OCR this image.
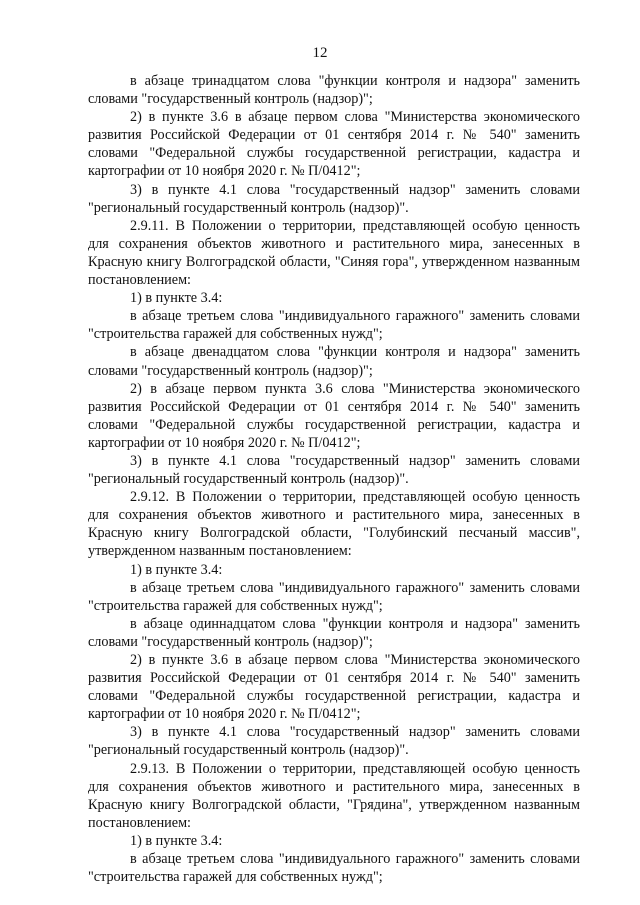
12

в абзаце тринадцатом слова "функции контроля и надзора" заменить словами "государственный контроль (надзор)";

2) в пункте 3.6 в абзаце первом слова "Министерства экономического развития Российской Федерации от 01 сентября 2014 г. № 540" заменить словами "Федеральной службы государственной регистрации, кадастра и картографии от 10 ноября 2020 г. № П/0412";

3) в пункте 4.1 слова "государственный надзор" заменить словами "региональный государственный контроль (надзор)".

2.9.11. В Положении о территории, представляющей особую ценность для сохранения объектов животного и растительного мира, занесенных в Красную книгу Волгоградской области, "Синяя гора", утвержденном названным постановлением:

1) в пункте 3.4:

в абзаце третьем слова "индивидуального гаражного" заменить словами "строительства гаражей для собственных нужд";

в абзаце двенадцатом слова "функции контроля и надзора" заменить словами "государственный контроль (надзор)";

2) в абзаце первом пункта 3.6 слова "Министерства экономического развития Российской Федерации от 01 сентября 2014 г. № 540" заменить словами "Федеральной службы государственной регистрации, кадастра и картографии от 10 ноября 2020 г. № П/0412";

3) в пункте 4.1 слова "государственный надзор" заменить словами "региональный государственный контроль (надзор)".

2.9.12. В Положении о территории, представляющей особую ценность для сохранения объектов животного и растительного мира, занесенных в Красную книгу Волгоградской области, "Голубинский песчаный массив", утвержденном названным постановлением:

1) в пункте 3.4:

в абзаце третьем слова "индивидуального гаражного" заменить словами "строительства гаражей для собственных нужд";

в абзаце одиннадцатом слова "функции контроля и надзора" заменить словами "государственный контроль (надзор)";

2) в пункте 3.6 в абзаце первом слова "Министерства экономического развития Российской Федерации от 01 сентября 2014 г. № 540" заменить словами "Федеральной службы государственной регистрации, кадастра и картографии от 10 ноября 2020 г. № П/0412";

3) в пункте 4.1 слова "государственный надзор" заменить словами "региональный государственный контроль (надзор)".

2.9.13. В Положении о территории, представляющей особую ценность для сохранения объектов животного и растительного мира, занесенных в Красную книгу Волгоградской области, "Грядина", утвержденном названным постановлением:

1) в пункте 3.4:

в абзаце третьем слова "индивидуального гаражного" заменить словами "строительства гаражей для собственных нужд";
